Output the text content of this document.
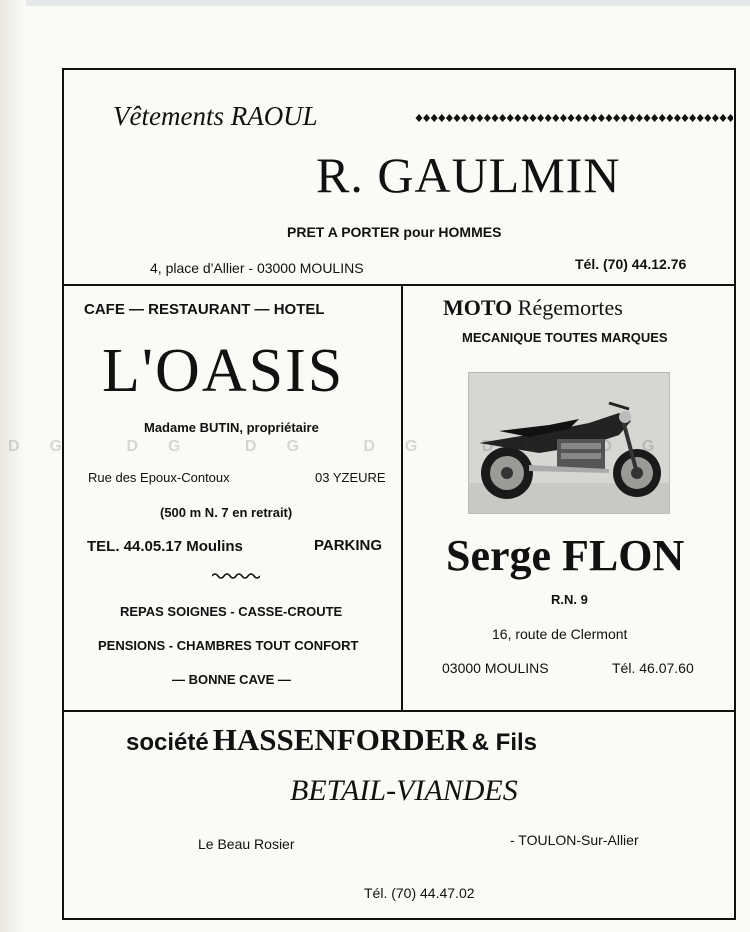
Vêtements RAOUL
R. GAULMIN
PRET A PORTER pour HOMMES
4, place d'Allier - 03000 MOULINS	Tél. (70) 44.12.76
CAFE — RESTAURANT — HOTEL
L'OASIS
Madame BUTIN, propriétaire
Rue des Epoux-Contoux	03 YZEURE
(500 m N. 7 en retrait)
TEL. 44.05.17 Moulins	PARKING
REPAS SOIGNES - CASSE-CROUTE
PENSIONS - CHAMBRES TOUT CONFORT
— BONNE CAVE —
MOTO Régemortes
MECANIQUE TOUTES MARQUES
Serge FLON
R.N. 9
16, route de Clermont
03000 MOULINS	Tél. 46.07.60
société HASSENFORDER & Fils
BETAIL-VIANDES
Le Beau Rosier	- TOULON-Sur-Allier
Tél. (70) 44.47.02
DG DG DG DG
